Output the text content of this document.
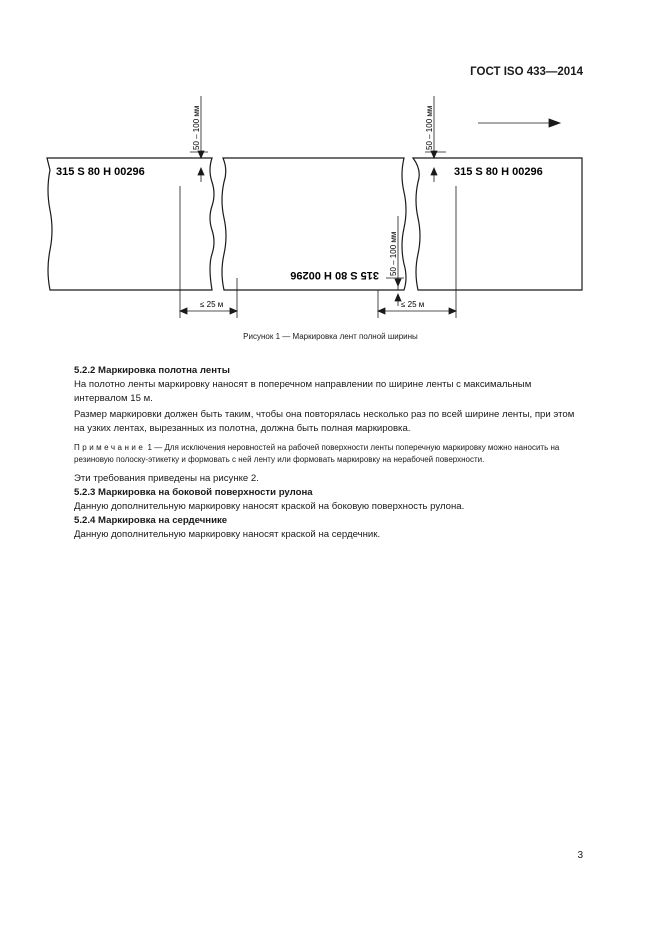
ГОСТ ISO 433—2014
315 S 80 H 00296	315 S 80 H 00296
315 S 80 H 00296
50 – 100 мм	50 – 100 мм
50 – 100 мм
≤ 25 м	≤ 25 м
Рисунок 1 — Маркировка лент полной ширины
5.2.2 Маркировка полотна ленты

На полотно ленты маркировку наносят в поперечном направлении по ширине ленты с максимальным интервалом 15 м.

Размер маркировки должен быть таким, чтобы она повторялась несколько раз по всей ширине ленты, при этом на узких лентах, вырезанных из полотна, должна быть полная маркировка.

Примечание 1 — Для исключения неровностей на рабочей поверхности ленты поперечную маркировку можно наносить на резиновую полоску-этикетку и формовать с ней ленту или формовать маркировку на нерабочей поверхности.

Эти требования приведены на рисунке 2.

5.2.3 Маркировка на боковой поверхности рулона

Данную дополнительную маркировку наносят краской на боковую поверхность рулона.

5.2.4 Маркировка на сердечнике

Данную дополнительную маркировку наносят краской на сердечник.

3
